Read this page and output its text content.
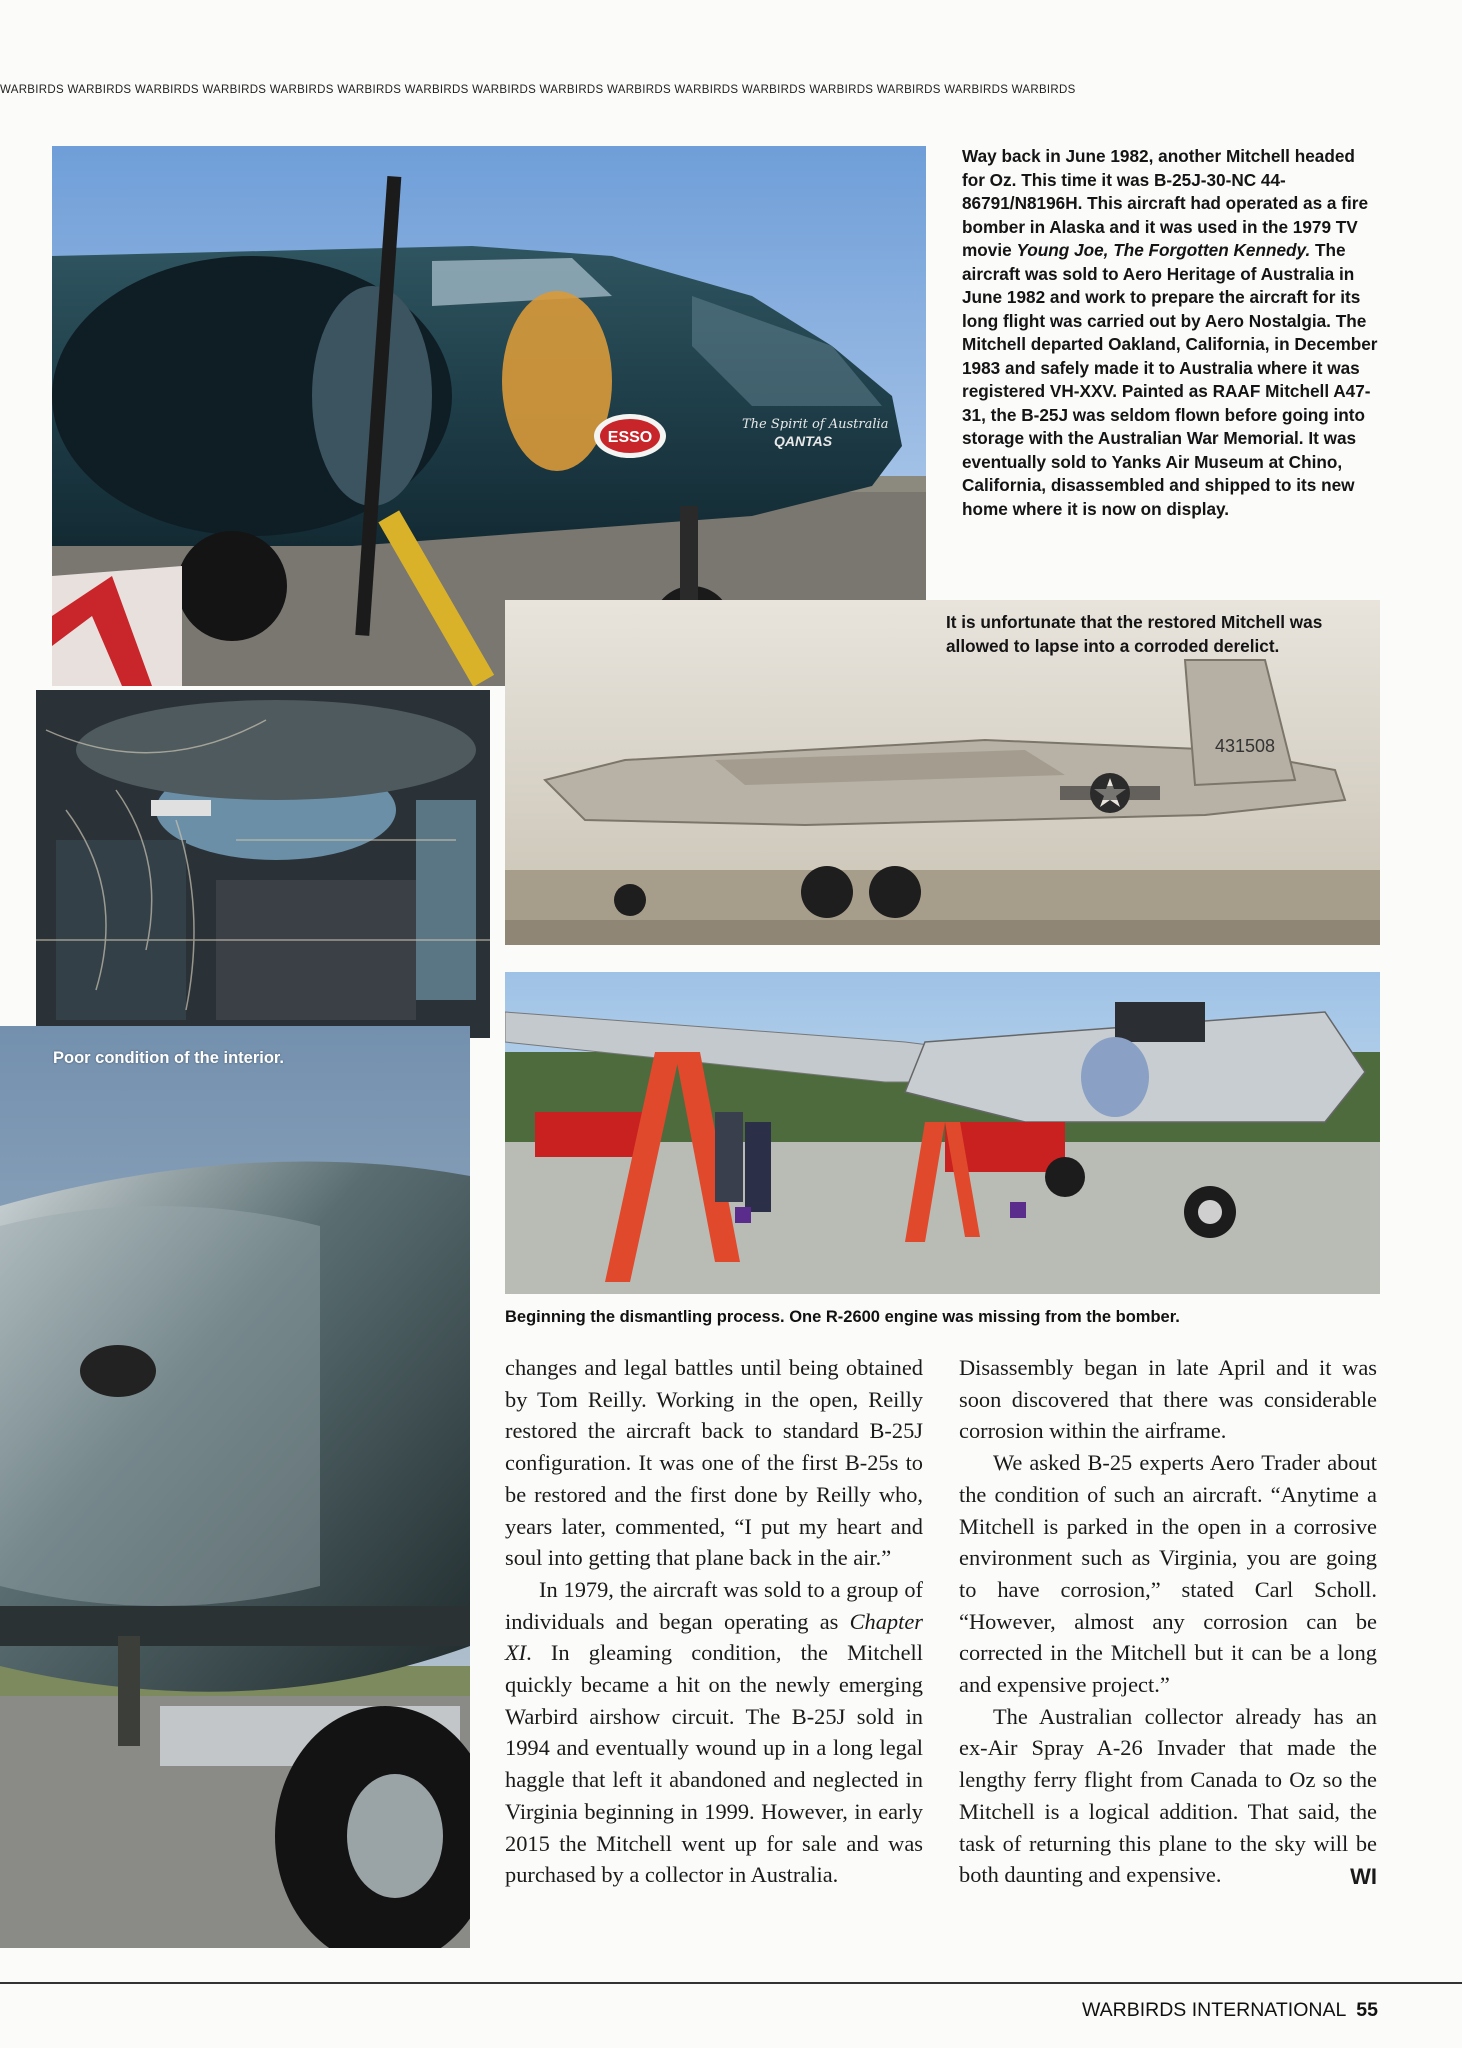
WARBIRDS WARBIRDS WARBIRDS WARBIRDS WARBIRDS WARBIRDS WARBIRDS WARBIRDS WARBIRDS WARBIRDS WARBIRDS WARBIRDS WARBIRDS WARBIRDS WARBIRDS WARBIRDS
ESSO
The Spirit of Australia
QANTAS
Way back in June 1982, another Mitchell headed for Oz. This time it was B-25J-30-NC 44-86791/N8196H. This aircraft had operated as a fire bomber in Alaska and it was used in the 1979 TV movie Young Joe, The Forgotten Kennedy. The aircraft was sold to Aero Heritage of Australia in June 1982 and work to prepare the aircraft for its long flight was carried out by Aero Nostalgia. The Mitchell departed Oakland, California, in December 1983 and safely made it to Australia where it was registered VH-XXV. Painted as RAAF Mitchell A47-31, the B-25J was seldom flown before going into storage with the Australian War Memorial. It was eventually sold to Yanks Air Museum at Chino, California, disassembled and shipped to its new home where it is now on display.
431508
It is unfortunate that the restored Mitchell was allowed to lapse into a corroded derelict.
Poor condition of the interior.
Beginning the dismantling process. One R-2600 engine was missing from the bomber.

changes and legal battles until being obtained by Tom Reilly. Working in the open, Reilly restored the aircraft back to standard B-25J configuration. It was one of the first B-25s to be restored and the first done by Reilly who, years later, commented, “I put my heart and soul into getting that plane back in the air.”

In 1979, the aircraft was sold to a group of individuals and began operating as Chapter XI. In gleaming condition, the Mitchell quickly became a hit on the newly emerging Warbird airshow circuit. The B-25J sold in 1994 and eventually wound up in a long legal haggle that left it abandoned and neglected in Virginia beginning in 1999. However, in early 2015 the Mitchell went up for sale and was purchased by a collector in Australia.

Disassembly began in late April and it was soon discovered that there was considerable corrosion within the airframe.

We asked B-25 experts Aero Trader about the condition of such an aircraft. “Anytime a Mitchell is parked in the open in a corrosive environment such as Virginia, you are going to have corrosion,” stated Carl Scholl. “However, almost any corrosion can be corrected in the Mitchell but it can be a long and expensive project.”

The Australian collector already has an ex-Air Spray A-26 Invader that made the lengthy ferry flight from Canada to Oz so the Mitchell is a logical addition. That said, the task of returning this plane to the sky will be both daunting and expensive.	WI

WARBIRDS INTERNATIONAL 55
